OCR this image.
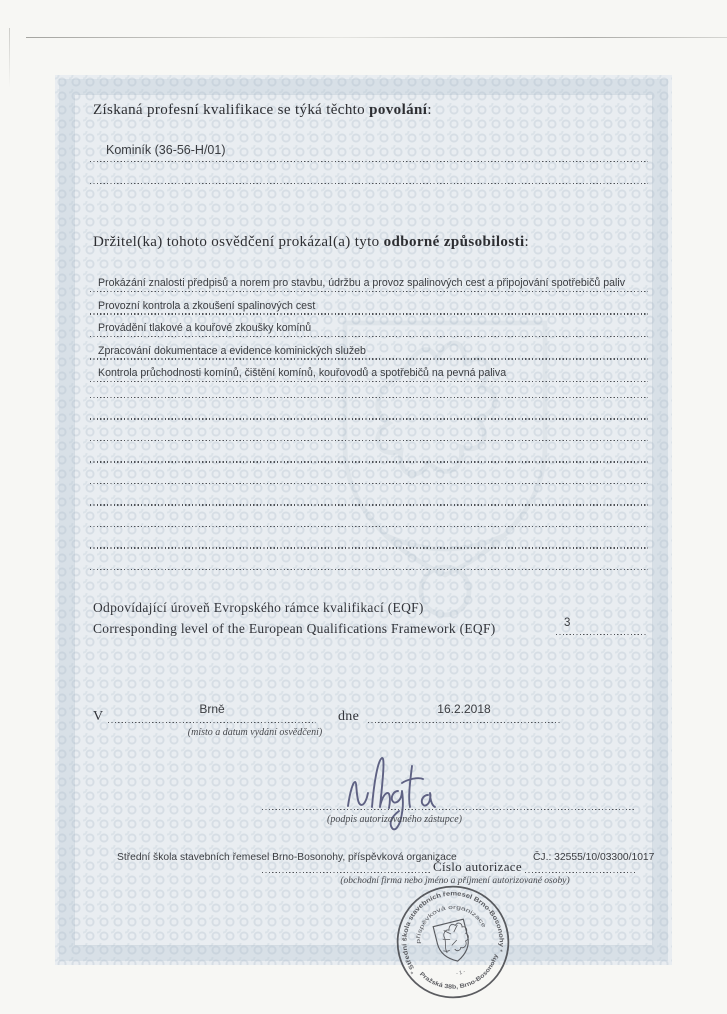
Získaná profesní kvalifikace se týká těchto povolání:
Kominík (36-56-H/01)
Držitel(ka) tohoto osvědčení prokázal(a) tyto odborné způsobilosti:
Prokázání znalosti předpisů a norem pro stavbu, údržbu a provoz spalinových cest a připojování spotřebičů paliv
Provozní kontrola a zkoušení spalinových cest
Provádění tlakové a kouřové zkoušky komínů
Zpracování dokumentace a evidence kominických služeb
Kontrola průchodnosti komínů, čištění komínů, kouřovodů a spotřebičů na pevná paliva
Odpovídající úroveň Evropského rámce kvalifikací (EQF)
Corresponding level of the European Qualifications Framework (EQF)	3
V	Brně	dne	16.2.2018
(místo a datum vydání osvědčení)
(podpis autorizovaného zástupce)
Střední škola stavebních řemesel Brno-Bosonohy, příspěvková organizace	ČJ.: 32555/10/03300/1017
Číslo autorizace
(obchodní firma nebo jméno a příjmení autorizované osoby)
Střední škola stavebních řemesel Brno-Bosonohy
příspěvková organizace
Pražská 38b, Brno-Bosonohy
*
*
- 1 -
